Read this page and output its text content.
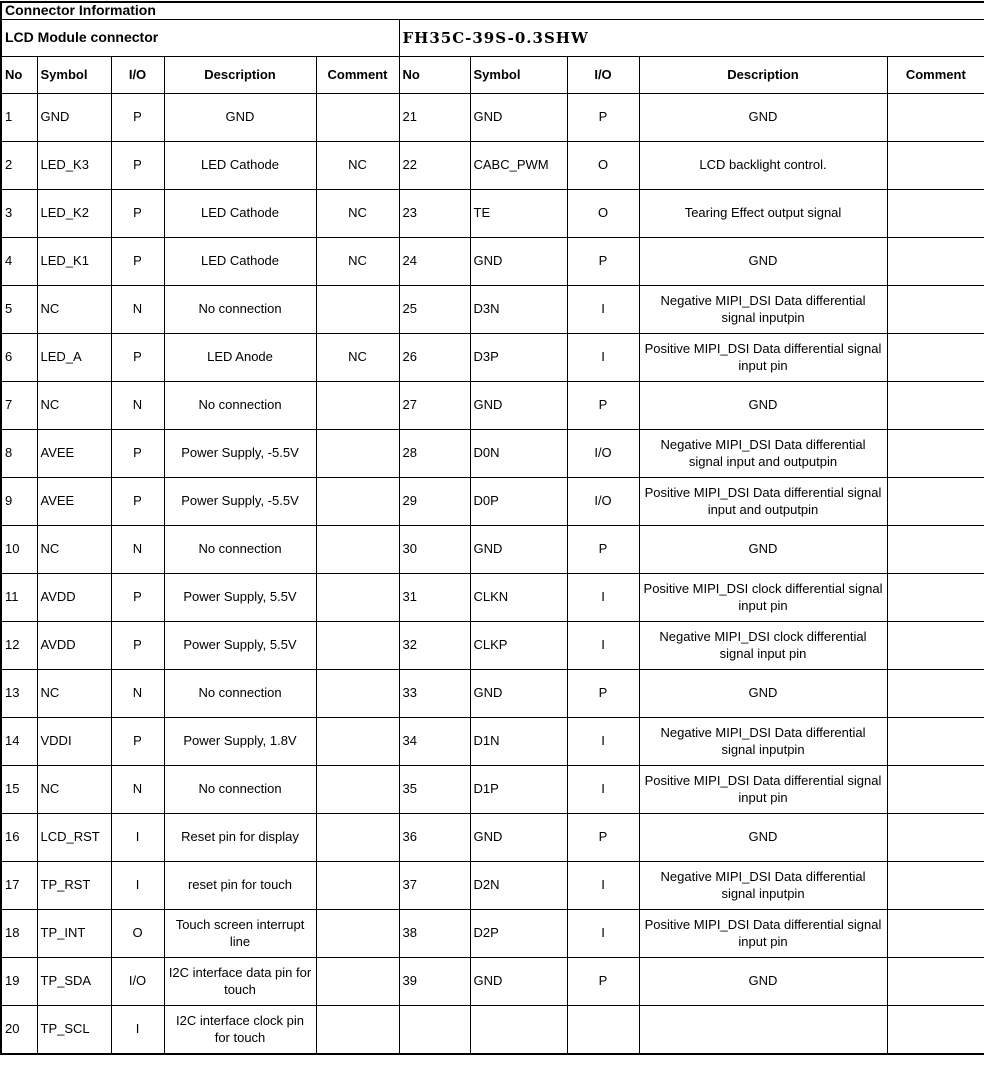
Connector Information									
LCD Module connector					FH35C-39S-0.3SHW				
No	Symbol	I/O	Description	Comment	No	Symbol	I/O	Description	Comment
1	GND	P	GND		21	GND	P	GND	
2	LED_K3	P	LED Cathode	NC	22	CABC_PWM	O	LCD backlight control.	
3	LED_K2	P	LED Cathode	NC	23	TE	O	Tearing Effect output signal	
4	LED_K1	P	LED Cathode	NC	24	GND	P	GND	
5	NC	N	No connection		25	D3N	I	Negative MIPI_DSI Data differential signal inputpin	
6	LED_A	P	LED Anode	NC	26	D3P	I	Positive MIPI_DSI Data differential signal input pin	
7	NC	N	No connection		27	GND	P	GND	
8	AVEE	P	Power Supply, -5.5V		28	D0N	I/O	Negative MIPI_DSI Data differential signal input and outputpin	
9	AVEE	P	Power Supply, -5.5V		29	D0P	I/O	Positive MIPI_DSI Data differential signal input and outputpin	
10	NC	N	No connection		30	GND	P	GND	
11	AVDD	P	Power Supply, 5.5V		31	CLKN	I	Positive MIPI_DSI clock differential signal input pin	
12	AVDD	P	Power Supply, 5.5V		32	CLKP	I	Negative MIPI_DSI clock differential signal input pin	
13	NC	N	No connection		33	GND	P	GND	
14	VDDI	P	Power Supply, 1.8V		34	D1N	I	Negative MIPI_DSI Data differential signal inputpin	
15	NC	N	No connection		35	D1P	I	Positive MIPI_DSI Data differential signal input pin	
16	LCD_RST	I	Reset pin for display		36	GND	P	GND	
17	TP_RST	I	reset pin for touch		37	D2N	I	Negative MIPI_DSI Data differential signal inputpin	
18	TP_INT	O	Touch screen interrupt line		38	D2P	I	Positive MIPI_DSI Data differential signal input pin	
19	TP_SDA	I/O	I2C interface data pin for touch		39	GND	P	GND	
20	TP_SCL	I	I2C interface clock pin for touch						
